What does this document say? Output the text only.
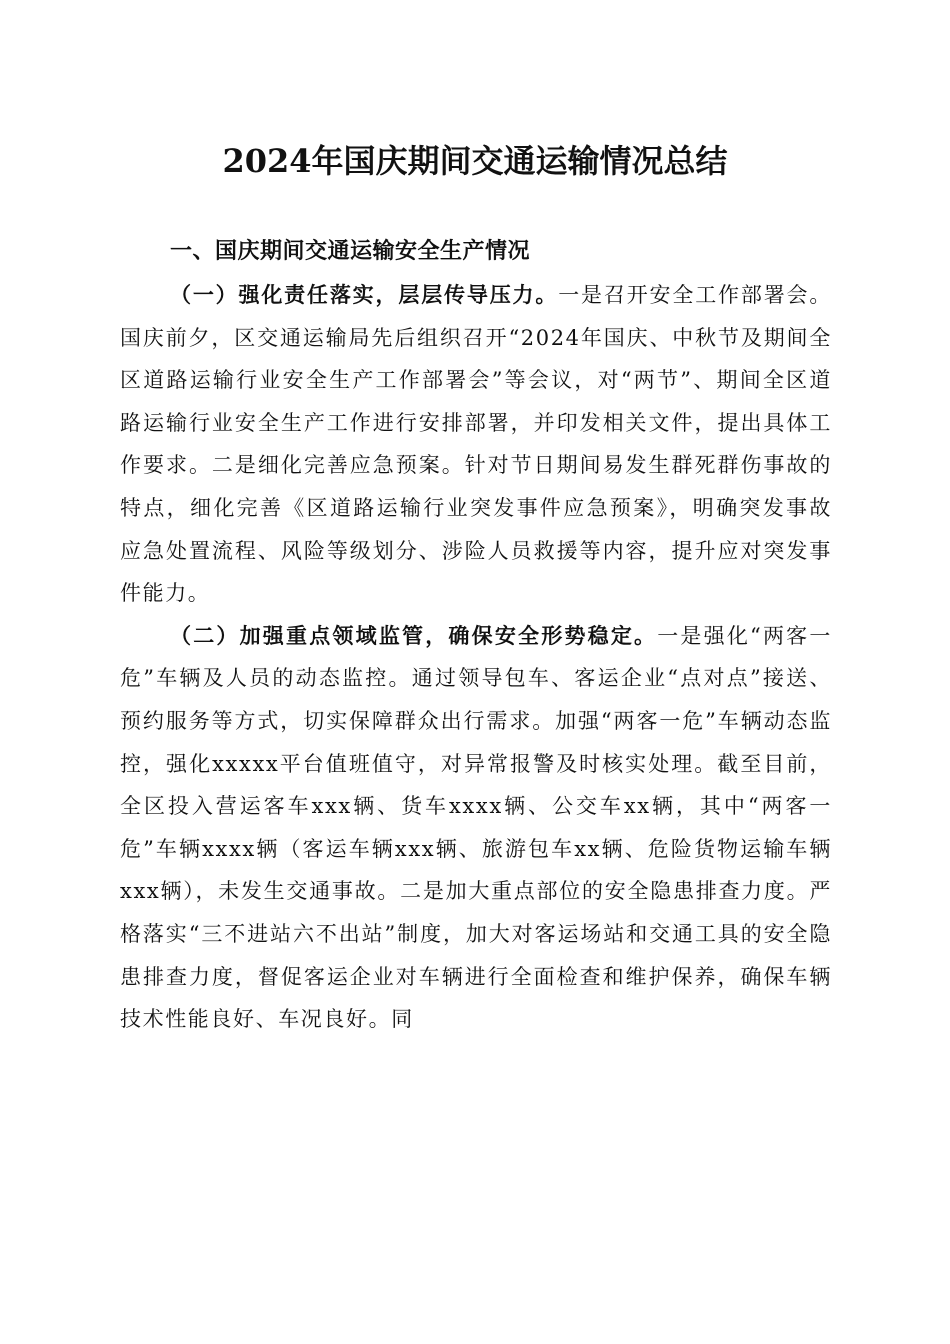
2024年国庆期间交通运输情况总结
一、国庆期间交通运输安全生产情况

（一）强化责任落实，层层传导压力。一是召开安全工作部署会。国庆前夕，区交通运输局先后组织召开“2024年国庆、中秋节及期间全区道路运输行业安全生产工作部署会”等会议，对“两节”、期间全区道路运输行业安全生产工作进行安排部署，并印发相关文件，提出具体工作要求。二是细化完善应急预案。针对节日期间易发生群死群伤事故的特点，细化完善《区道路运输行业突发事件应急预案》，明确突发事故应急处置流程、风险等级划分、涉险人员救援等内容，提升应对突发事件能力。

（二）加强重点领域监管，确保安全形势稳定。一是强化“两客一危”车辆及人员的动态监控。通过领导包车、客运企业“点对点”接送、预约服务等方式，切实保障群众出行需求。加强“两客一危”车辆动态监控，强化xxxxx平台值班值守，对异常报警及时核实处理。截至目前，全区投入营运客车xxx辆、货车xxxx辆、公交车xx辆，其中“两客一危”车辆xxxx辆（客运车辆xxx辆、旅游包车xx辆、危险货物运输车辆xxx辆），未发生交通事故。二是加大重点部位的安全隐患排查力度。严格落实“三不进站六不出站”制度，加大对客运场站和交通工具的安全隐患排查力度，督促客运企业对车辆进行全面检查和维护保养，确保车辆技术性能良好、车况良好。同
